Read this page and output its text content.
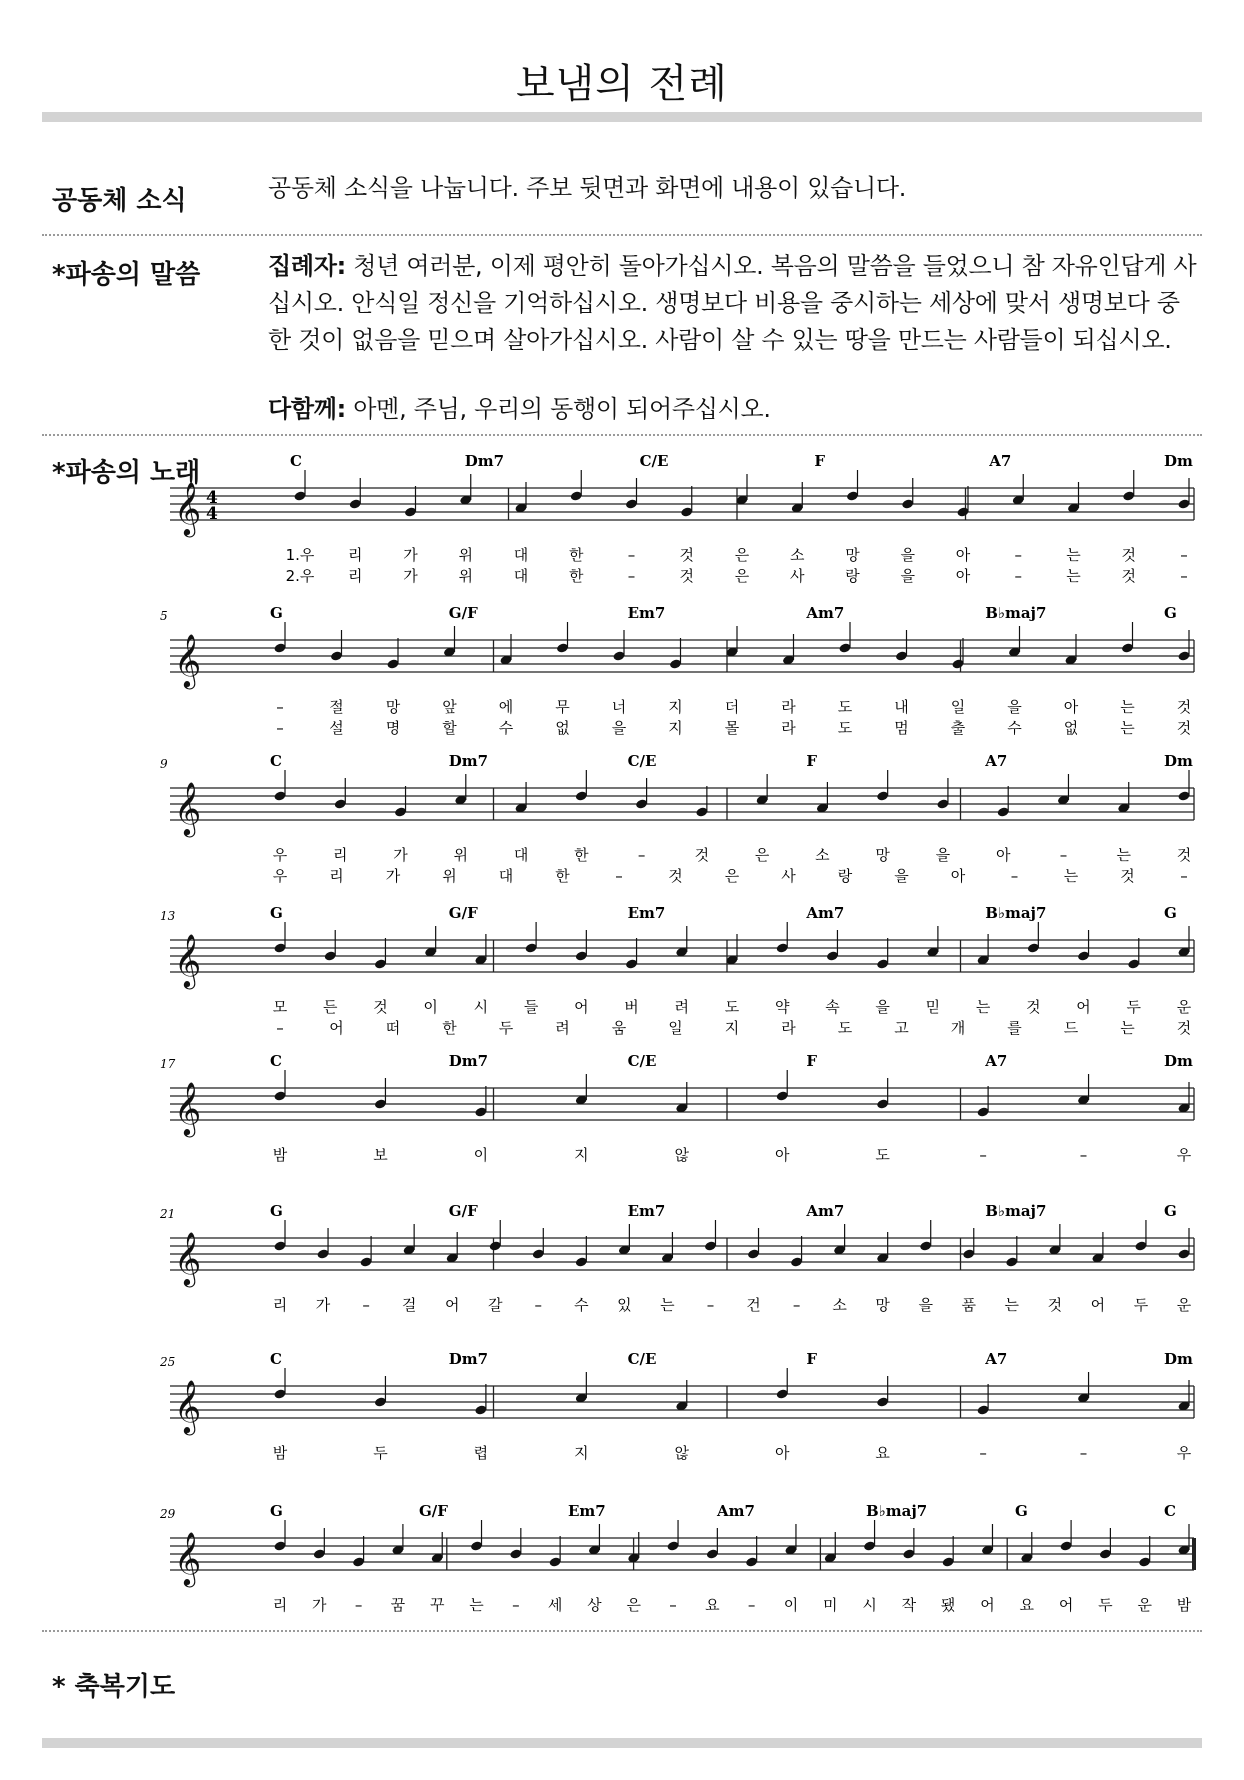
보냄의 전례
공동체 소식	공동체 소식을 나눕니다. 주보 뒷면과 화면에 내용이 있습니다.
*파송의 말씀	집례자: 청년 여러분, 이제 평안히 돌아가십시오. 복음의 말씀을 들었으니 참 자유인답게 사십시오. 안식일 정신을 기억하십시오. 생명보다 비용을 중시하는 세상에 맞서 생명보다 중한 것이 없음을 믿으며 살아가십시오. 사람이 살 수 있는 땅을 만드는 사람들이 되십시오.
다함께: 아멘, 주님, 우리의 동행이 되어주십시오.
*파송의 노래
𝄞 4
4
C	Dm7	C/E	F	A7	Dm
1.우 리	가	위	대	한	–	것	은	소	망	을	아	–	는	것	–
2.우 리	가	위	대	한	–	것	은	사	랑	을	아	–	는	것	–
𝄞
5	G	G/F	Em7	Am7	B♭maj7	G
–	절	망	앞	에	무	너	지	더	라	도	내	일	을	아	는	것
–	설	명	할	수	없	을	지	몰	라	도	멈	출	수	없	는	것
𝄞
9	C	Dm7	C/E	F	A7	Dm
우	리	가	위	대	한	–	것	은	소	망	을	아	–	는	것
우	리	가	위	대	한	–	것	은	사	랑	을	아	–	는	것	–
𝄞
13	G	G/F	Em7	Am7	B♭maj7	G
모 든 것 이 시 들 어 버 려 도 약 속 을 믿 는 것 어 두 운
–	어	떠	한	두	려	움	일	지	라	도	고	개	를	드	는	것
𝄞
17	C	Dm7	C/E	F	A7	Dm
밤	보	이	지	않	아	도	–	–	우
𝄞
21	G	G/F	Em7	Am7	B♭maj7	G
리 가 – 걸 어 갈 – 수 있 는 – 건 – 소 망 을 품 는 것 어 두 운
𝄞
25	C	Dm7	C/E	F	A7	Dm
밤	두	렵	지	않	아	요	–	–	우
𝄞
29	G	G/F	Em7	Am7	B♭maj7	G	C
리 가 – 꿈 꾸 는 – 세 상 은 – 요 – 이 미 시 작 됐 어 요 어 두 운 밤
* 축복기도
